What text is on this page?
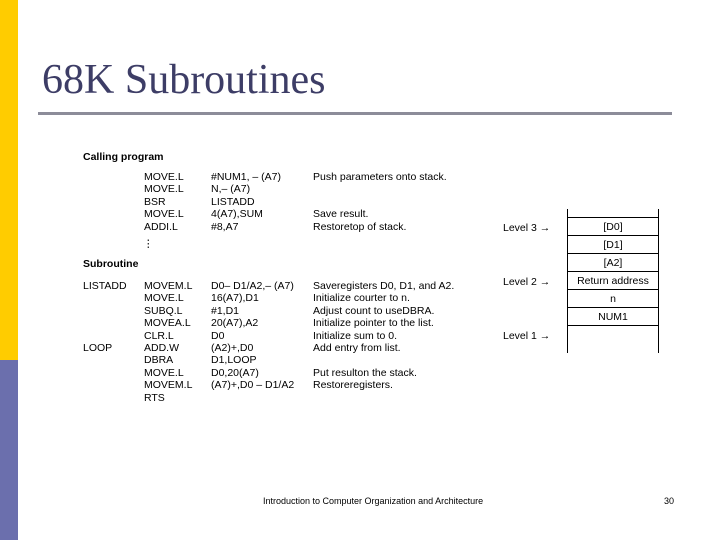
68K Subroutines
Calling program
MOVE.L
MOVE.L
BSR
MOVE.L
ADDI.L
#NUM1, – (A7)
N,– (A7)
LISTADD
4(A7),SUM
#8,A7
Push parameters onto stack.
Save result.
Restoretop of stack.
⋮
Subroutine
LISTADD
LOOP
MOVEM.L
MOVE.L
SUBQ.L
MOVEA.L
CLR.L
ADD.W
DBRA
MOVE.L
MOVEM.L
RTS
D0– D1/A2,– (A7)
16(A7),D1
#1,D1
20(A7),A2
D0
(A2)+,D0
D1,LOOP
D0,20(A7)
(A7)+,D0 – D1/A2
Saveregisters D0, D1, and A2.
Initialize courter to n.
Adjust count to useDBRA.
Initialize pointer to the list.
Initialize sum to 0.
Add entry from list.
Put resulton the stack.
Restoreregisters.
[D0]
[D1]
[A2]
Return address
n
NUM1
Level 3 →
Level 2 →
Level 1 →
Introduction to Computer Organization and Architecture	30
